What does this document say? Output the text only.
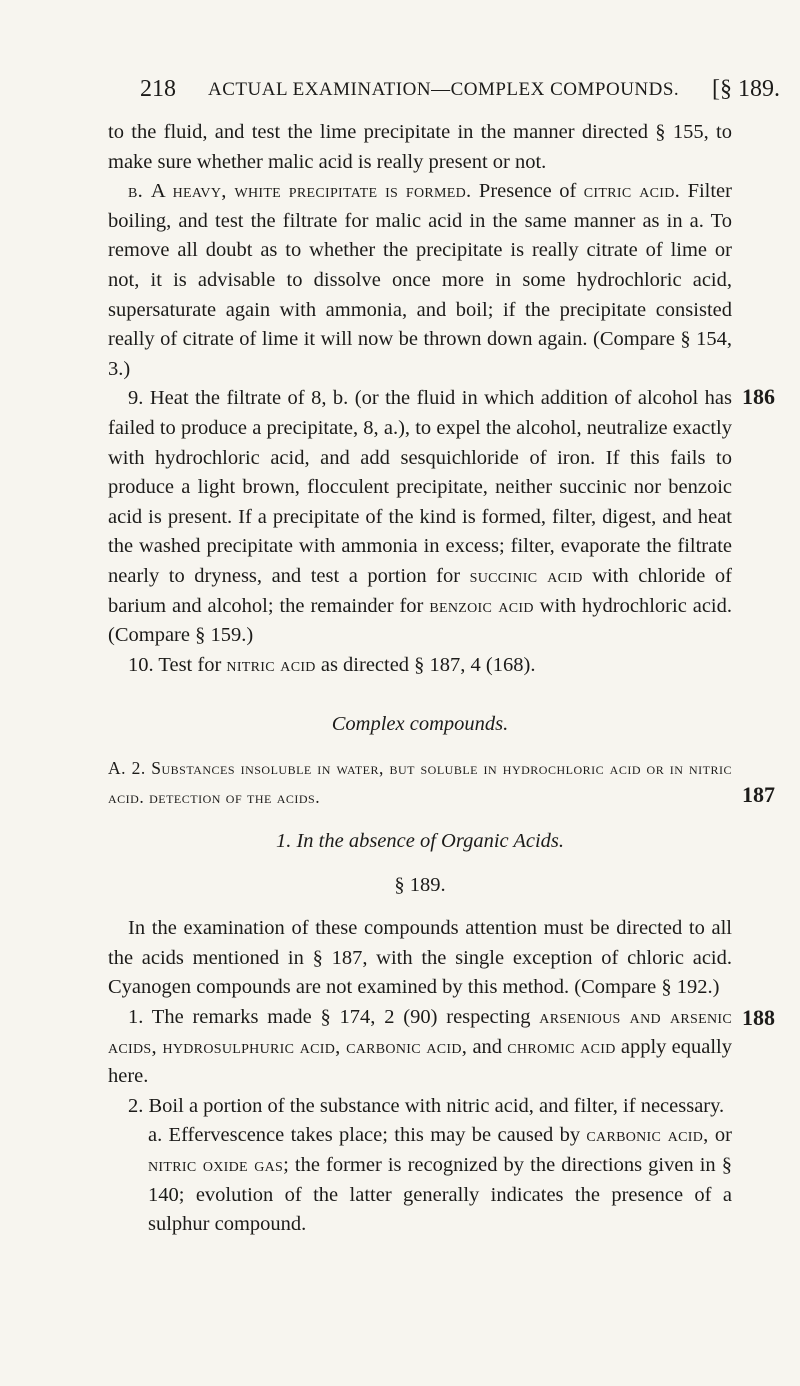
218 ACTUAL EXAMINATION—COMPLEX COMPOUNDS. [§ 189.
186
187
188

to the fluid, and test the lime precipitate in the manner directed § 155, to make sure whether malic acid is really present or not.

β. A heavy, white precipitate is formed. Presence of citric acid. Filter boiling, and test the filtrate for malic acid in the same manner as in a. To remove all doubt as to whether the precipitate is really citrate of lime or not, it is advisable to dissolve once more in some hydrochloric acid, supersaturate again with ammonia, and boil; if the precipitate consisted really of citrate of lime it will now be thrown down again. (Compare § 154, 3.)

9. Heat the filtrate of 8, b. (or the fluid in which addition of alcohol has failed to produce a precipitate, 8, a.), to expel the alcohol, neutralize exactly with hydrochloric acid, and add sesquichloride of iron. If this fails to produce a light brown, flocculent precipitate, neither succinic nor benzoic acid is present. If a precipitate of the kind is formed, filter, digest, and heat the washed precipitate with ammonia in excess; filter, evaporate the filtrate nearly to dryness, and test a portion for succinic acid with chloride of barium and alcohol; the remainder for benzoic acid with hydrochloric acid. (Compare § 159.)

10. Test for nitric acid as directed § 187, 4 (168).

Complex compounds.

A. 2. Substances insoluble in water, but soluble in hydrochloric acid or in nitric acid. detection of the acids.

1. In the absence of Organic Acids.

§ 189.

In the examination of these compounds attention must be directed to all the acids mentioned in § 187, with the single exception of chloric acid. Cyanogen compounds are not examined by this method. (Compare § 192.)

1. The remarks made § 174, 2 (90) respecting arsenious and arsenic acids, hydrosulphuric acid, carbonic acid, and chromic acid apply equally here.

2. Boil a portion of the substance with nitric acid, and filter, if necessary.

a. Effervescence takes place; this may be caused by carbonic acid, or nitric oxide gas; the former is recognized by the directions given in § 140; evolution of the latter generally indicates the presence of a sulphur compound.
